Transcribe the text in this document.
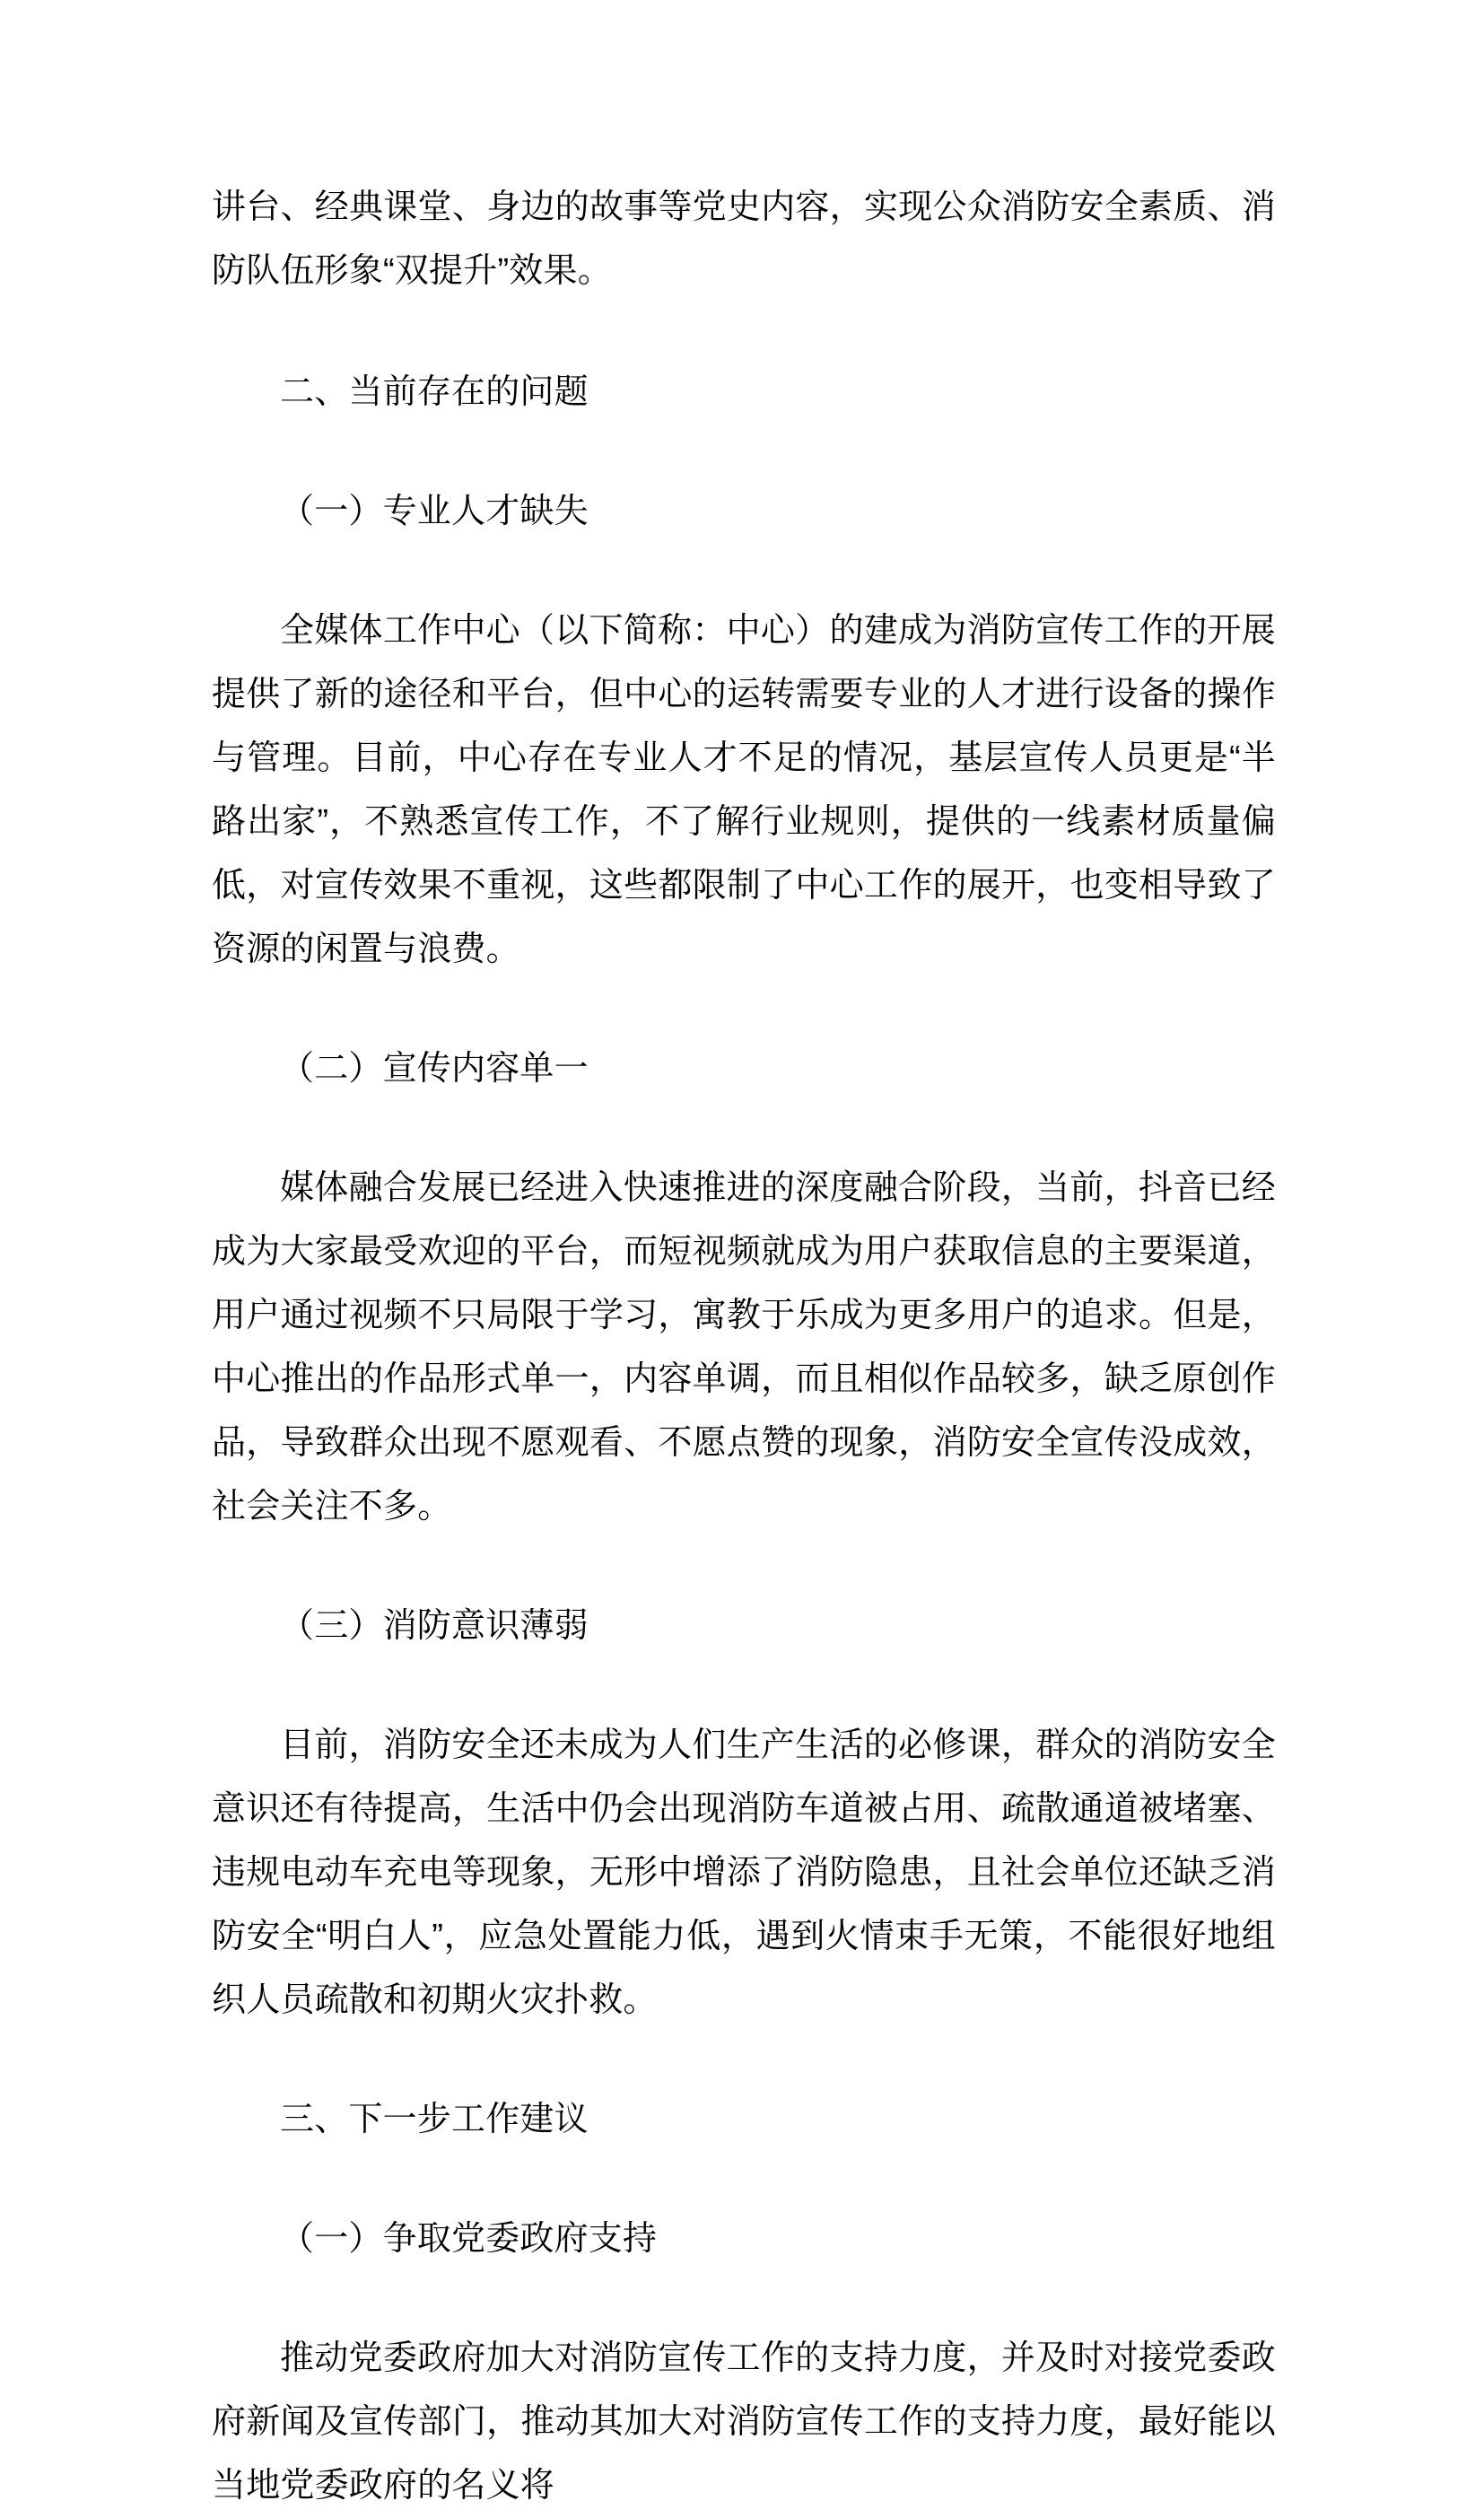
讲台、经典课堂、身边的故事等党史内容，实现公众消防安全素质、消防队伍形象“双提升”效果。

二、当前存在的问题

（一）专业人才缺失

全媒体工作中心（以下简称：中心）的建成为消防宣传工作的开展提供了新的途径和平台，但中心的运转需要专业的人才进行设备的操作与管理。目前，中心存在专业人才不足的情况，基层宣传人员更是“半路出家”，不熟悉宣传工作，不了解行业规则，提供的一线素材质量偏低，对宣传效果不重视，这些都限制了中心工作的展开，也变相导致了资源的闲置与浪费。

（二）宣传内容单一

媒体融合发展已经进入快速推进的深度融合阶段，当前，抖音已经成为大家最受欢迎的平台，而短视频就成为用户获取信息的主要渠道，用户通过视频不只局限于学习，寓教于乐成为更多用户的追求。但是，中心推出的作品形式单一，内容单调，而且相似作品较多，缺乏原创作品，导致群众出现不愿观看、不愿点赞的现象，消防安全宣传没成效，社会关注不多。

（三）消防意识薄弱

目前，消防安全还未成为人们生产生活的必修课，群众的消防安全意识还有待提高，生活中仍会出现消防车道被占用、疏散通道被堵塞、违规电动车充电等现象，无形中增添了消防隐患，且社会单位还缺乏消防安全“明白人”，应急处置能力低，遇到火情束手无策，不能很好地组织人员疏散和初期火灾扑救。

三、下一步工作建议

（一）争取党委政府支持

推动党委政府加大对消防宣传工作的支持力度，并及时对接党委政府新闻及宣传部门，推动其加大对消防宣传工作的支持力度，最好能以当地党委政府的名义将
